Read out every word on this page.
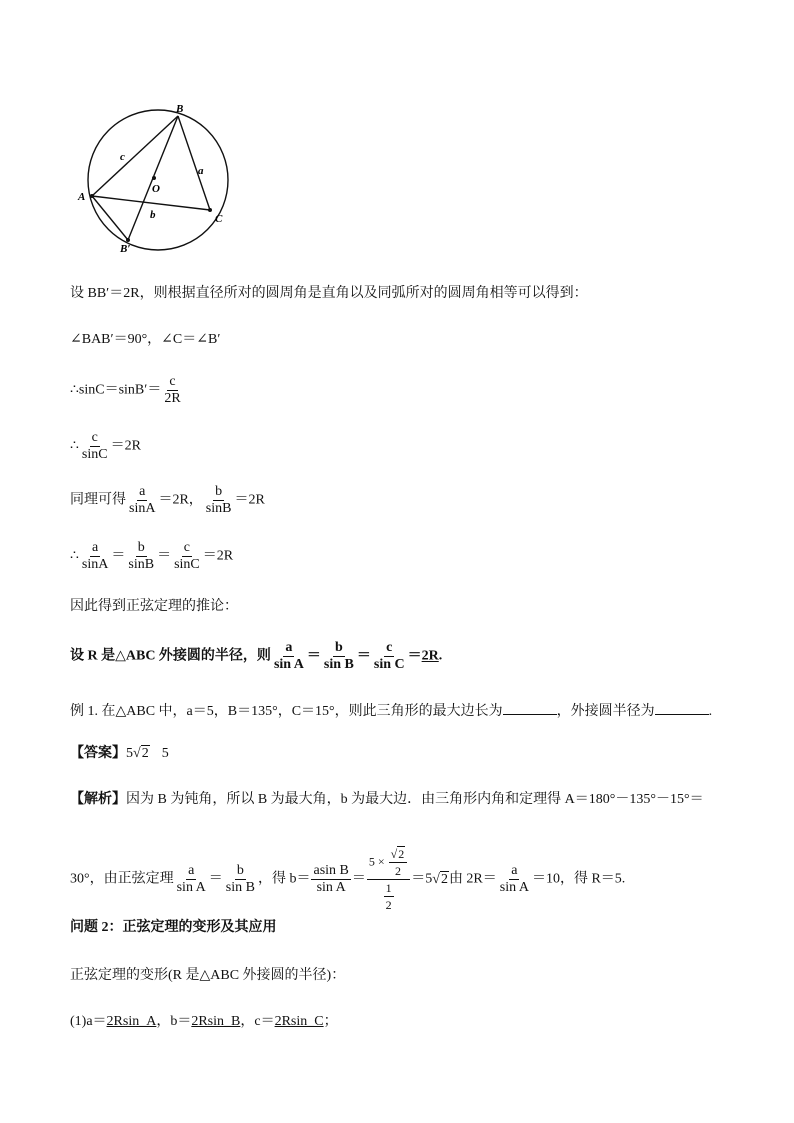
B
A
C
B′
O
a
b
c
设 BB′＝2R，则根据直径所对的圆周角是直角以及同弧所对的圆周角相等可以得到：
∠BAB′＝90°，∠C＝∠B′
∴sinC＝sinB′＝ $\frac{c}{2R}$
∴ $\frac{c}{\sin C} =2R$
同理可得 $\frac{a}{\sin A} =2R$， $\frac{b}{\sin B} =2R$
∴ $\frac{a}{\sin A} = \frac{b}{\sin B} = \frac{c}{\sin C} =2R$
因此得到正弦定理的推论：
设 R 是△ABC 外接圆的半径，则 $\frac{a}{\text{sin A}} = \frac{b}{\text{sin B}} = \frac{c}{\text{sin C}} =2R$.
例 1. 在△ABC 中，a＝5，B＝135°，C＝15°，则此三角形的最大边长为	，外接圆半径为	.
【答案】5√2 5
【解析】因为 B 为钝角，所以 B 为最大角，b 为最大边．由三角形内角和定理得 A＝180°－135°－15°＝
30°，由正弦定理 $\frac{a}{\text{sin A}} = \frac{b}{\text{sin B}}$ ，得 $b= \frac{\text{asin B}}{\text{sin A}} = \frac{5 \times \frac{√2}{2}}{\frac{1}{2}} =5√2$由 $2R= \frac{a}{\text{sin A}} =10$，得 R＝5.
问题 2：正弦定理的变形及其应用
正弦定理的变形(R 是△ABC 外接圆的半径)：
(1)a＝2Rsin_A，b＝2Rsin_B，c＝2Rsin_C；
